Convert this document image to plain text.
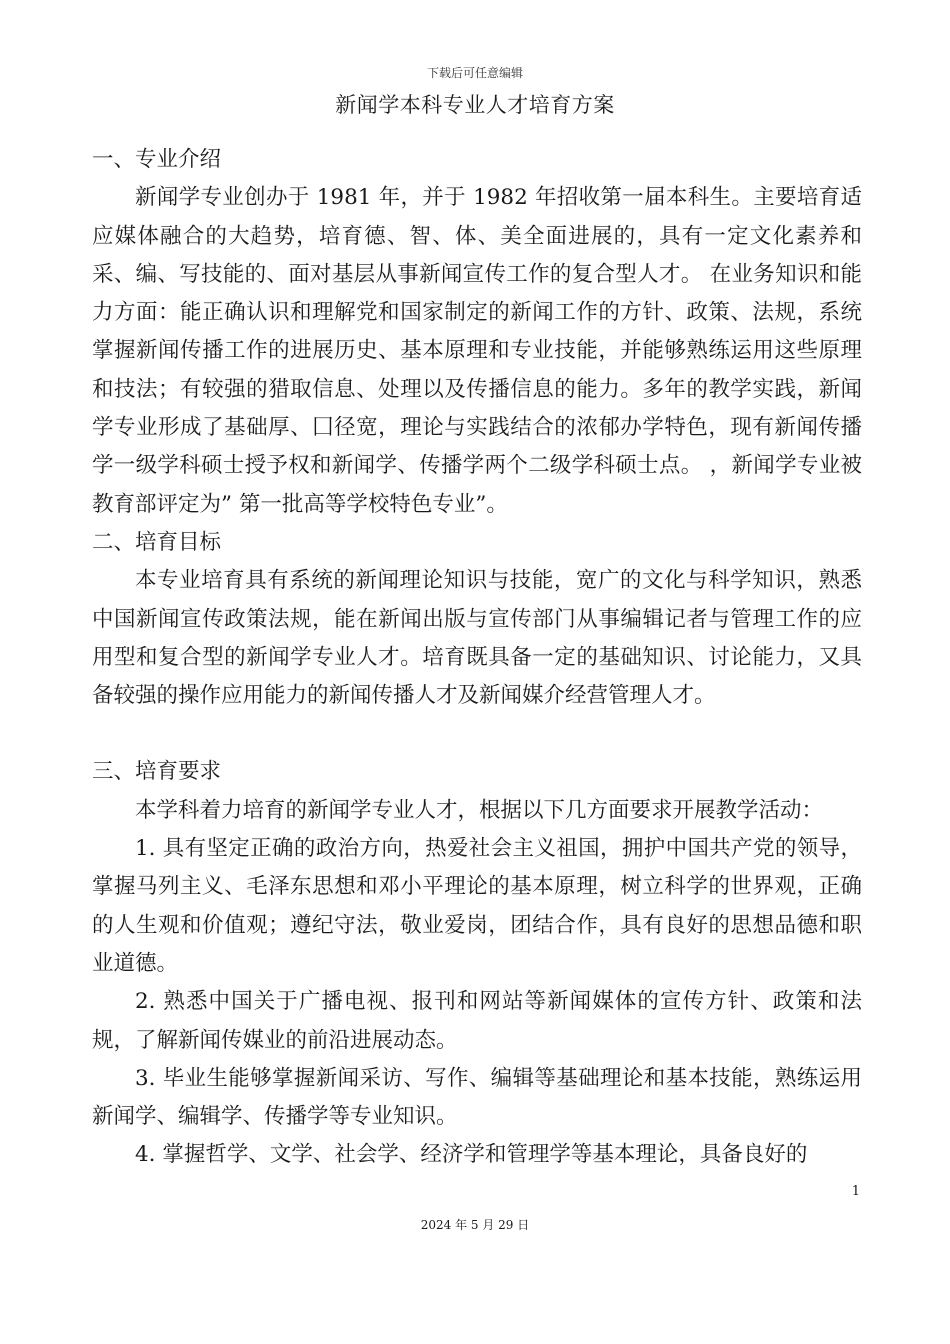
下载后可任意编辑
新闻学本科专业人才培育方案

一、专业介绍

新闻学专业创办于 1981 年，并于 1982 年招收第一届本科生。主要培育适应媒体融合的大趋势，培育德、智、体、美全面进展的，具有一定文化素养和采、编、写技能的、面对基层从事新闻宣传工作的复合型人才。 在业务知识和能力方面：能正确认识和理解党和国家制定的新闻工作的方针、政策、法规，系统掌握新闻传播工作的进展历史、基本原理和专业技能，并能够熟练运用这些原理和技法；有较强的猎取信息、处理以及传播信息的能力。多年的教学实践，新闻学专业形成了基础厚、囗径宽，理论与实践结合的浓郁办学特色，现有新闻传播学一级学科硕士授予权和新闻学、传播学两个二级学科硕士点。 ，新闻学专业被教育部评定为” 第一批高等学校特色专业”。

二、培育目标

本专业培育具有系统的新闻理论知识与技能，宽广的文化与科学知识，熟悉中国新闻宣传政策法规，能在新闻出版与宣传部门从事编辑记者与管理工作的应用型和复合型的新闻学专业人才。培育既具备一定的基础知识、讨论能力，又具备较强的操作应用能力的新闻传播人才及新闻媒介经营管理人才。

三、培育要求

本学科着力培育的新闻学专业人才，根据以下几方面要求开展教学活动：

1. 具有坚定正确的政治方向，热爱社会主义祖国，拥护中国共产党的领导，掌握马列主义、毛泽东思想和邓小平理论的基本原理，树立科学的世界观，正确的人生观和价值观；遵纪守法，敬业爱岗，团结合作，具有良好的思想品德和职业道德。

2. 熟悉中国关于广播电视、报刊和网站等新闻媒体的宣传方针、政策和法规，了解新闻传媒业的前沿进展动态。

3. 毕业生能够掌握新闻采访、写作、编辑等基础理论和基本技能，熟练运用新闻学、编辑学、传播学等专业知识。

4. 掌握哲学、文学、社会学、经济学和管理学等基本理论，具备良好的

1
2024 年 5 月 29 日
